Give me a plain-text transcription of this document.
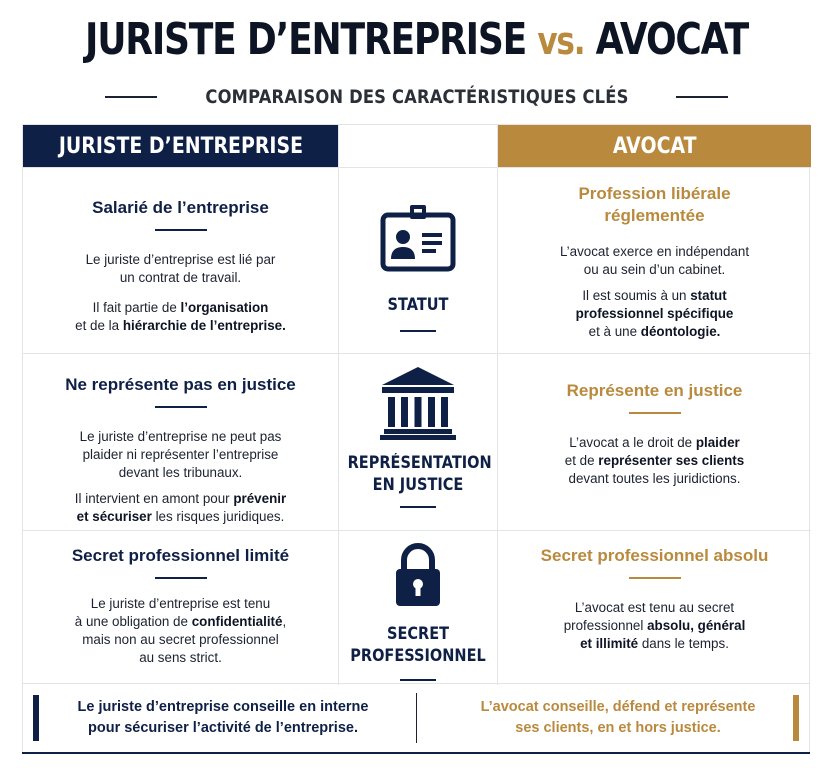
JURISTE D’ENTREPRISE vs. AVOCAT
COMPARAISON DES CARACTÉRISTIQUES CLÉS
JURISTE D’ENTREPRISE	AVOCAT
Salarié de l’entreprise
Le juriste d’entreprise est lié par
un contrat de travail.
Il fait partie de l’organisation
et de la hiérarchie de l’entreprise.
STATUT
Profession libérale
réglementée
L’avocat exerce en indépendant
ou au sein d’un cabinet.
Il est soumis à un statut
professionnel spécifique
et à une déontologie.
Ne représente pas en justice
Le juriste d’entreprise ne peut pas
plaider ni représenter l’entreprise
devant les tribunaux.
Il intervient en amont pour prévenir
et sécuriser les risques juridiques.
REPRÉSENTATION
EN JUSTICE
Représente en justice
L’avocat a le droit de plaider
et de représenter ses clients
devant toutes les juridictions.
Secret professionnel limité
Le juriste d’entreprise est tenu
à une obligation de confidentialité,
mais non au secret professionnel
au sens strict.
SECRET
PROFESSIONNEL
Secret professionnel absolu
L’avocat est tenu au secret
professionnel absolu, général
et illimité dans le temps.
Le juriste d’entreprise conseille en interne
pour sécuriser l’activité de l’entreprise.
L’avocat conseille, défend et représente
ses clients, en et hors justice.
